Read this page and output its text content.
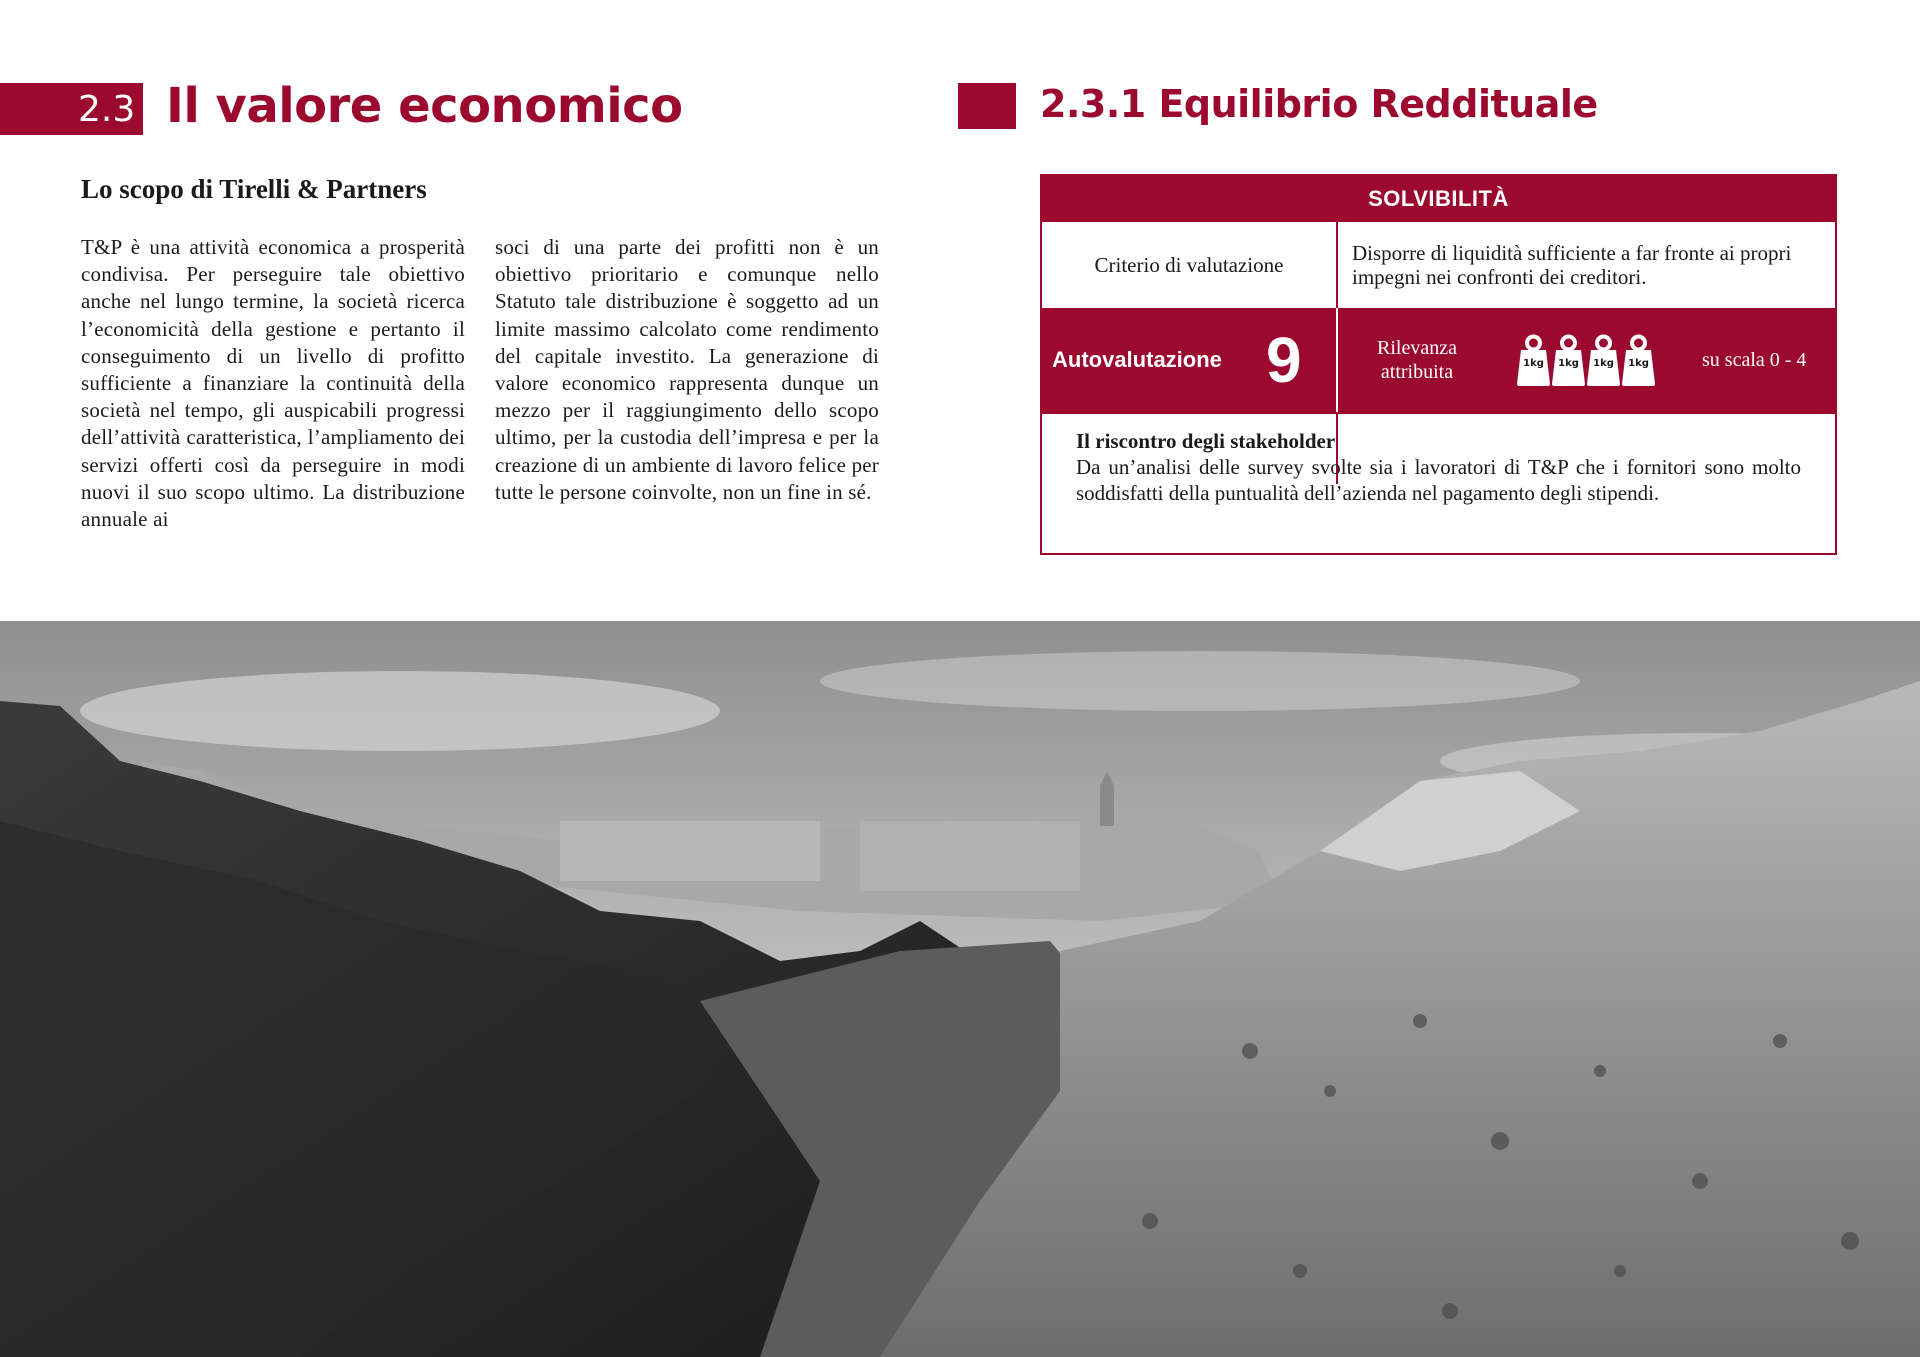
2.3 Il valore economico
Lo scopo di Tirelli & Partners

T&P è una attività economica a prosperità condivisa. Per perseguire tale obiettivo anche nel lungo termine, la società ricerca l’economicità della gestione e pertanto il conseguimento di un livello di profitto sufficiente a finanziare la continuità della società nel tempo, gli auspicabili progressi dell’attività caratteristica, l’ampliamento dei servizi offerti così da perseguire in modi nuovi il suo scopo ultimo. La distribuzione annuale ai

soci di una parte dei profitti non è un obiettivo prioritario e comunque nello Statuto tale distribuzione è soggetto ad un limite massimo calcolato come rendimento del capitale investito. La generazione di valore economico rappresenta dunque un mezzo per il raggiungimento dello scopo ultimo, per la custodia dell’impresa e per la creazione di un ambiente di lavoro felice per tutte le persone coinvolte, non un fine in sé.

2.3.1 Equilibrio Reddituale
SOLVIBILITÀ
Criterio di valutazione	Disporre di liquidità sufficiente a far fronte ai propri impegni nei confronti dei creditori.
Autovalutazione 9	Rilevanza attribuita	1kg	1kg	1kg	1kg	su scala 0 - 4
Il riscontro degli stakeholder

Da un’analisi delle survey svolte sia i lavoratori di T&P che i fornitori sono molto soddisfatti della puntualità dell’azienda nel pagamento degli stipendi.
